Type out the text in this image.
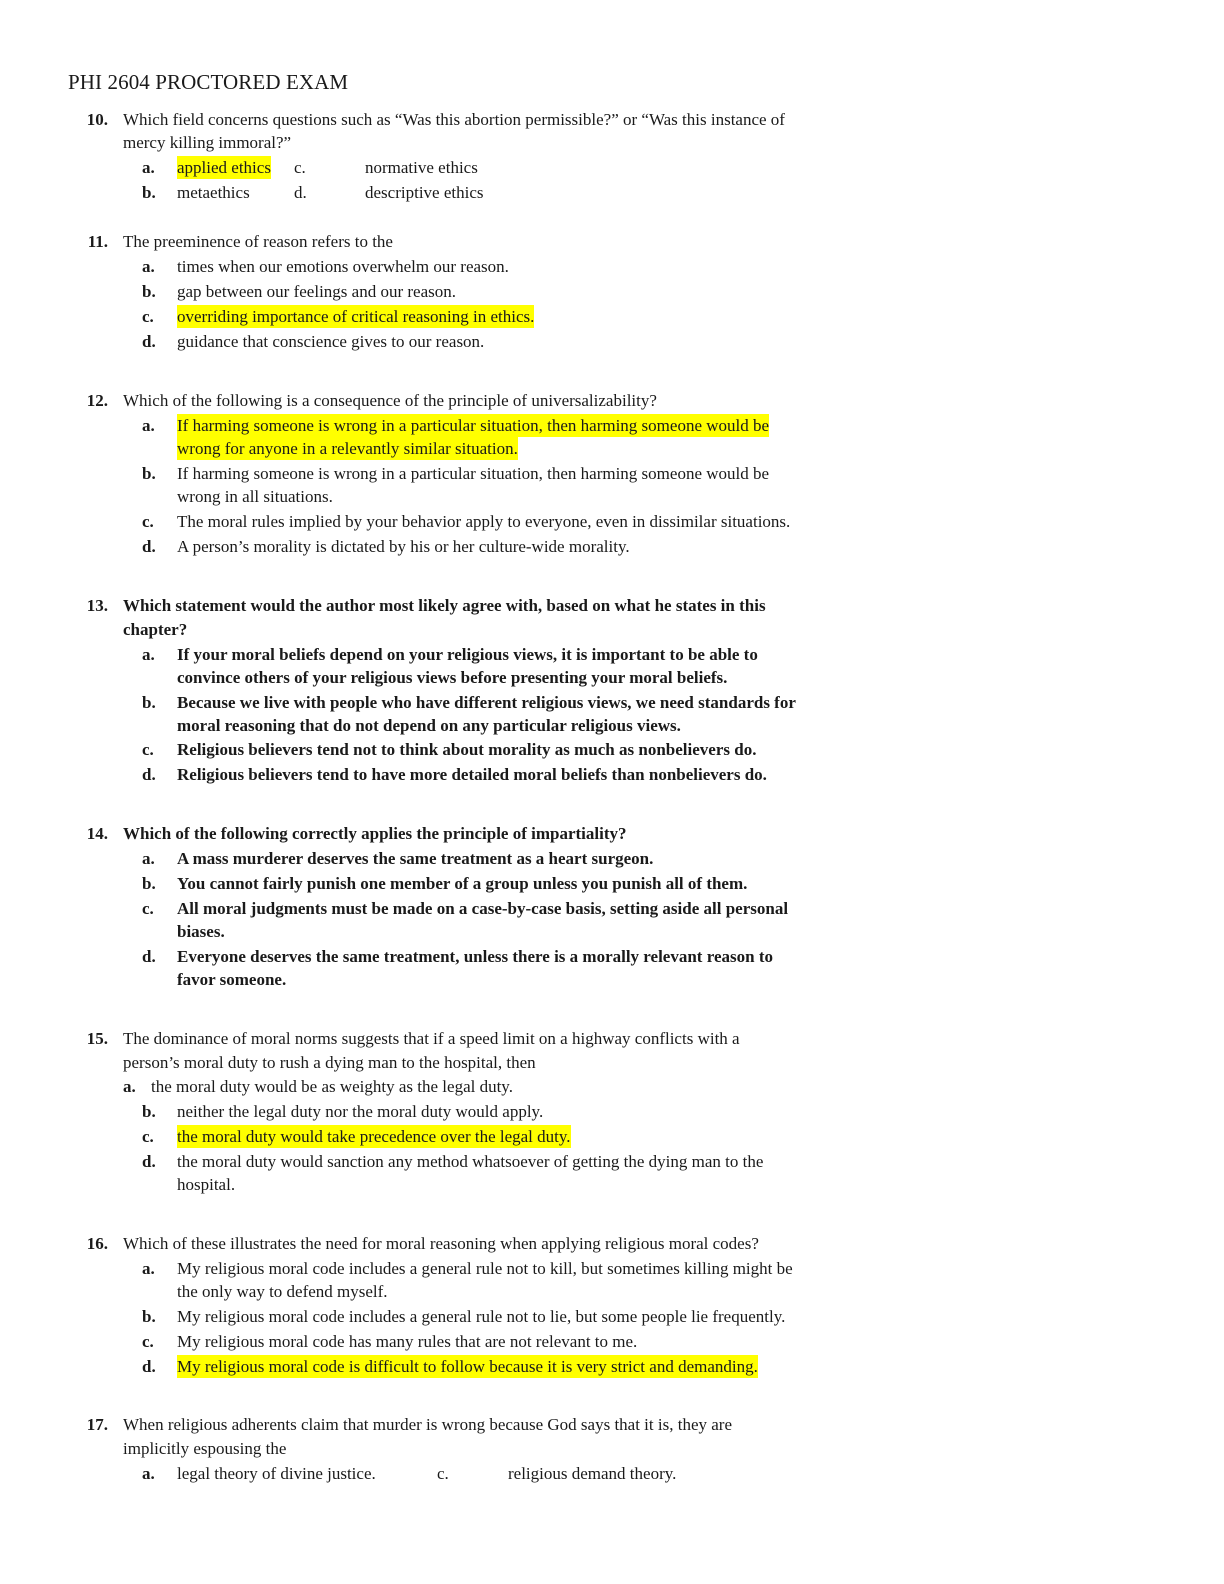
PHI 2604 PROCTORED EXAM
10. Which field concerns questions such as “Was this abortion permissible?” or “Was this instance of
mercy killing immoral?”
a.	applied ethics c.	normative ethics
b.	metaethics	d.	descriptive ethics
11. The preeminence of reason refers to the
a.	times when our emotions overwhelm our reason.
b.	gap between our feelings and our reason.
c.	overriding importance of critical reasoning in ethics.
d.	guidance that conscience gives to our reason.
12. Which of the following is a consequence of the principle of universalizability?
a.	If harming someone is wrong in a particular situation, then harming someone would be
wrong for anyone in a relevantly similar situation.
b.	If harming someone is wrong in a particular situation, then harming someone would be
wrong in all situations.
c.	The moral rules implied by your behavior apply to everyone, even in dissimilar situations.
d.	A person’s morality is dictated by his or her culture-wide morality.
13. Which statement would the author most likely agree with, based on what he states in this
chapter?
a.	If your moral beliefs depend on your religious views, it is important to be able to
convince others of your religious views before presenting your moral beliefs.
b.	Because we live with people who have different religious views, we need standards for
moral reasoning that do not depend on any particular religious views.
c.	Religious believers tend not to think about morality as much as nonbelievers do.
d.	Religious believers tend to have more detailed moral beliefs than nonbelievers do.
14. Which of the following correctly applies the principle of impartiality?
a.	A mass murderer deserves the same treatment as a heart surgeon.
b.	You cannot fairly punish one member of a group unless you punish all of them.
c.	All moral judgments must be made on a case-by-case basis, setting aside all personal
biases.
d.	Everyone deserves the same treatment, unless there is a morally relevant reason to
favor someone.
15. The dominance of moral norms suggests that if a speed limit on a highway conflicts with a
person’s moral duty to rush a dying man to the hospital, then
a. the moral duty would be as weighty as the legal duty.
b.	neither the legal duty nor the moral duty would apply.
c.	the moral duty would take precedence over the legal duty.
d.	the moral duty would sanction any method whatsoever of getting the dying man to the
hospital.
16. Which of these illustrates the need for moral reasoning when applying religious moral codes?
a.	My religious moral code includes a general rule not to kill, but sometimes killing might be
the only way to defend myself.
b.	My religious moral code includes a general rule not to lie, but some people lie frequently.
c.	My religious moral code has many rules that are not relevant to me.
d.	My religious moral code is difficult to follow because it is very strict and demanding.
17. When religious adherents claim that murder is wrong because God says that it is, they are
implicitly espousing the
a.	legal theory of divine justice.	c.	religious demand theory.
